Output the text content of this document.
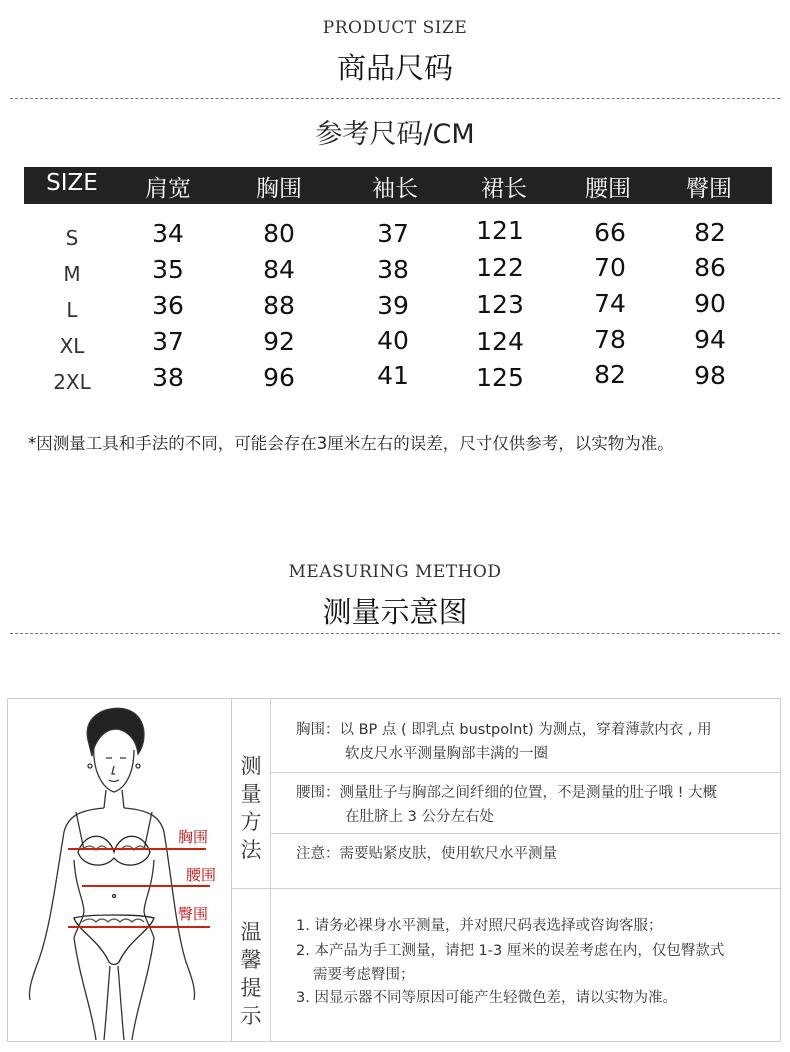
PRODUCT SIZE
商品尺码
参考尺码/CM
SIZE	肩宽	胸围	袖长	裙长	腰围	臀围
S	34	80	37	121	66	82
M	35	84	38	122	70	86
L	36	88	39	123	74	90
XL	37	92	40	124	78	94
2XL	38	96	41	125	82	98
*因测量工具和手法的不同，可能会存在3厘米左右的误差，尺寸仅供参考，以实物为准。
MEASURING METHOD
测量示意图
胸围
腰围
臀围
测
量
方
法
温
馨
提
示
胸围：以 BP 点 ( 即乳点 bustpolnt) 为测点，穿着薄款内衣 , 用
软皮尺水平测量胸部丰满的一圈
腰围：测量肚子与胸部之间纤细的位置，不是测量的肚子哦 ! 大概
在肚脐上 3 公分左右处
注意：需要贴紧皮肤，使用软尺水平测量
1. 请务必裸身水平测量，并对照尺码表选择或咨询客服；
2. 本产品为手工测量，请把 1-3 厘米的误差考虑在内，仅包臀款式
需要考虑臀围；
3. 因显示器不同等原因可能产生轻微色差，请以实物为准。
